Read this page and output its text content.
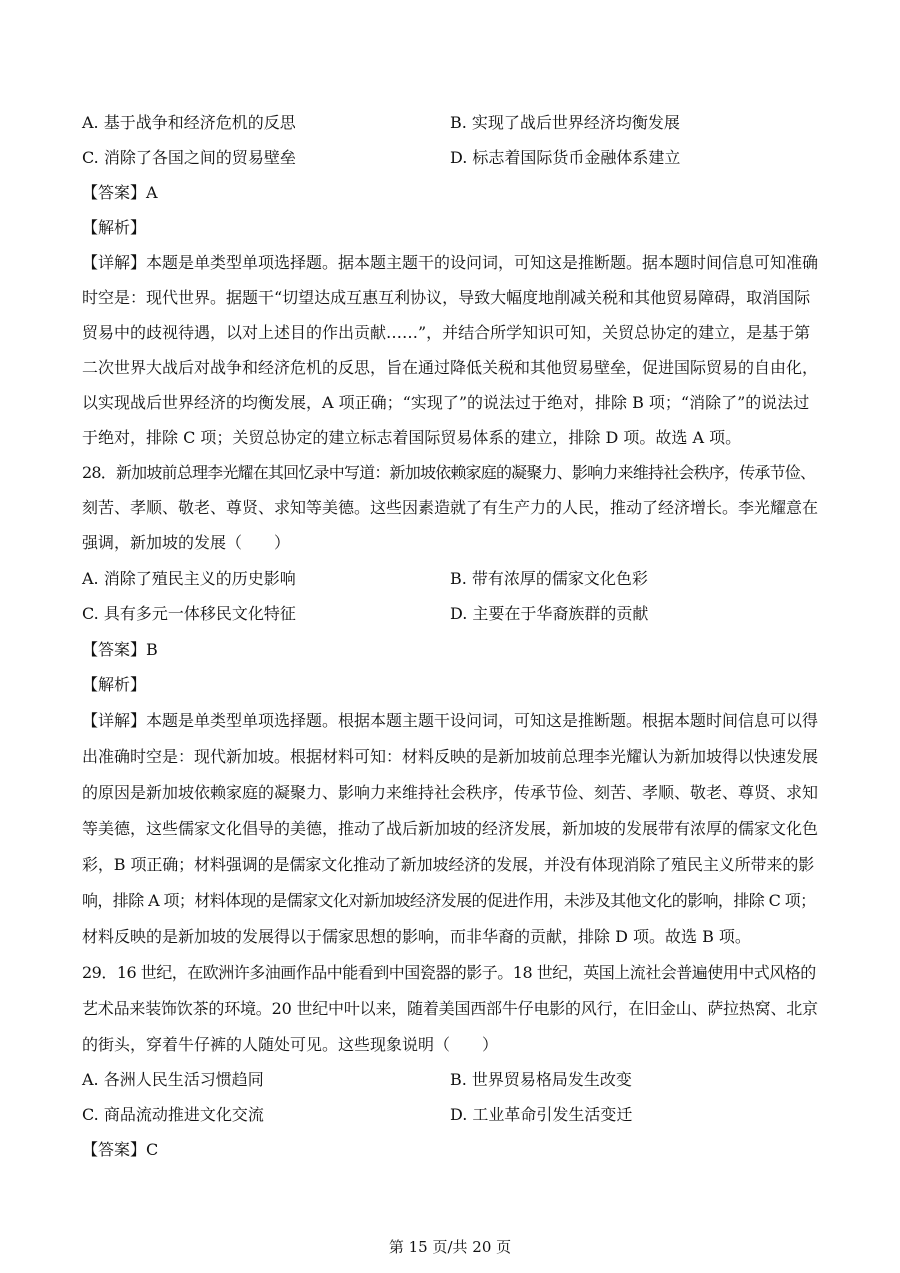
A. 基于战争和经济危机的反思	B. 实现了战后世界经济均衡发展
C. 消除了各国之间的贸易壁垒	D. 标志着国际货币金融体系建立
【答案】A
【解析】
【详解】本题是单类型单项选择题。据本题主题干的设问词，可知这是推断题。据本题时间信息可知准确
时空是：现代世界。据题干“切望达成互惠互利协议，导致大幅度地削减关税和其他贸易障碍，取消国际
贸易中的歧视待遇，以对上述目的作出贡献……”，并结合所学知识可知，关贸总协定的建立，是基于第
二次世界大战后对战争和经济危机的反思，旨在通过降低关税和其他贸易壁垒，促进国际贸易的自由化，
以实现战后世界经济的均衡发展，A 项正确；“实现了”的说法过于绝对，排除 B 项；“消除了”的说法过
于绝对，排除 C 项；关贸总协定的建立标志着国际贸易体系的建立，排除 D 项。故选 A 项。
28．新加坡前总理李光耀在其回忆录中写道：新加坡依赖家庭的凝聚力、影响力来维持社会秩序，传承节俭、
刻苦、孝顺、敬老、尊贤、求知等美德。这些因素造就了有生产力的人民，推动了经济增长。李光耀意在
强调，新加坡的发展（　　）
A. 消除了殖民主义的历史影响	B. 带有浓厚的儒家文化色彩
C. 具有多元一体移民文化特征	D. 主要在于华裔族群的贡献
【答案】B
【解析】
【详解】本题是单类型单项选择题。根据本题主题干设问词，可知这是推断题。根据本题时间信息可以得
出准确时空是：现代新加坡。根据材料可知：材料反映的是新加坡前总理李光耀认为新加坡得以快速发展
的原因是新加坡依赖家庭的凝聚力、影响力来维持社会秩序，传承节俭、刻苦、孝顺、敬老、尊贤、求知
等美德，这些儒家文化倡导的美德，推动了战后新加坡的经济发展，新加坡的发展带有浓厚的儒家文化色
彩，B 项正确；材料强调的是儒家文化推动了新加坡经济的发展，并没有体现消除了殖民主义所带来的影
响，排除 A 项；材料体现的是儒家文化对新加坡经济发展的促进作用，未涉及其他文化的影响，排除 C 项；
材料反映的是新加坡的发展得以于儒家思想的影响，而非华裔的贡献，排除 D 项。故选 B 项。
29．16 世纪，在欧洲许多油画作品中能看到中国瓷器的影子。18 世纪，英国上流社会普遍使用中式风格的
艺术品来装饰饮茶的环境。20 世纪中叶以来，随着美国西部牛仔电影的风行，在旧金山、萨拉热窝、北京
的街头，穿着牛仔裤的人随处可见。这些现象说明（　　）
A. 各洲人民生活习惯趋同	B. 世界贸易格局发生改变
C. 商品流动推进文化交流	D. 工业革命引发生活变迁
【答案】C
第 15 页/共 20 页
